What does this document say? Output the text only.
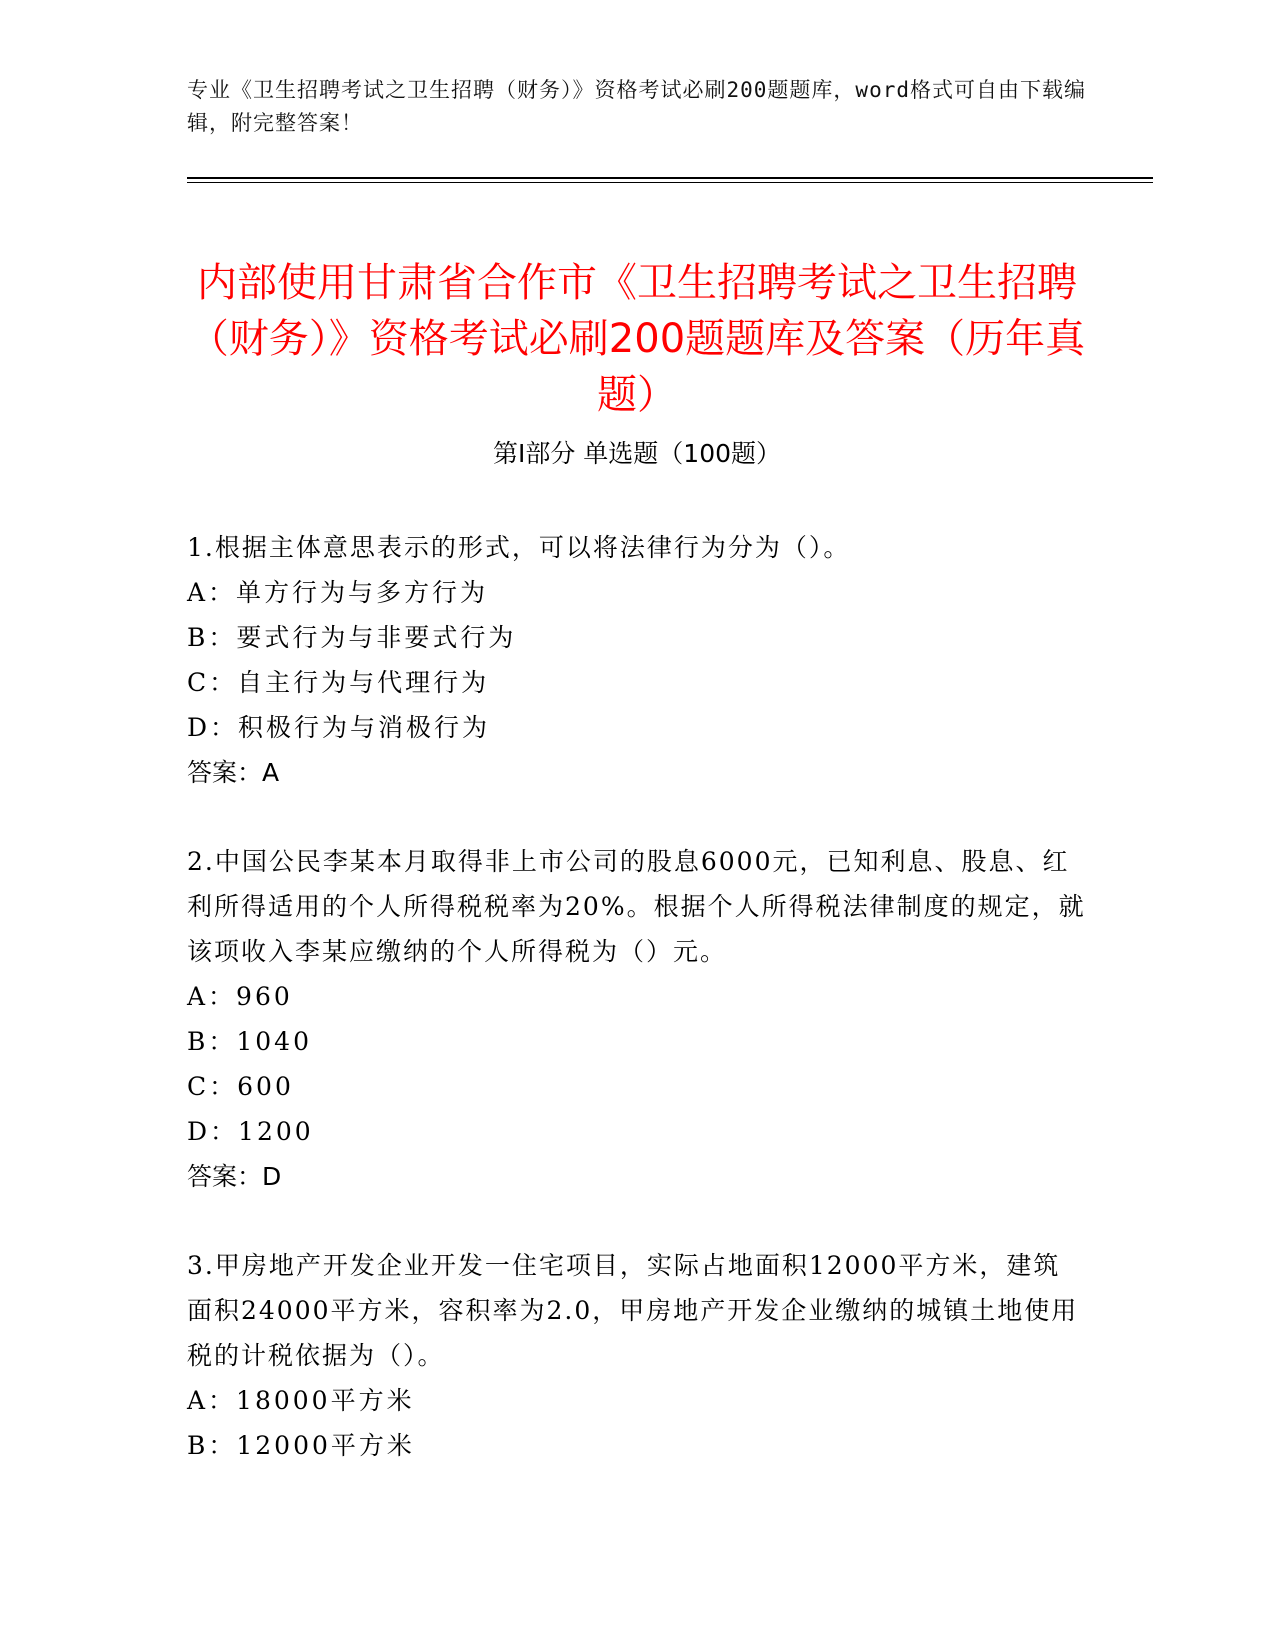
专业《卫生招聘考试之卫生招聘（财务）》资格考试必刷200题题库，word格式可自由下载编辑，附完整答案！
内部使用甘肃省合作市《卫生招聘考试之卫生招聘（财务）》资格考试必刷200题题库及答案（历年真题）
第Ⅰ部分 单选题（100题）

1.根据主体意思表示的形式，可以将法律行为分为（）。

A：单方行为与多方行为

B：要式行为与非要式行为

C：自主行为与代理行为

D：积极行为与消极行为

答案：A

2.中国公民李某本月取得非上市公司的股息6000元，已知利息、股息、红利所得适用的个人所得税税率为20%。根据个人所得税法律制度的规定，就该项收入李某应缴纳的个人所得税为（）元。

A：960

B：1040

C：600

D：1200

答案：D

3.甲房地产开发企业开发一住宅项目，实际占地面积12000平方米，建筑面积24000平方米，容积率为2.0，甲房地产开发企业缴纳的城镇土地使用税的计税依据为（）。

A：18000平方米

B：12000平方米
